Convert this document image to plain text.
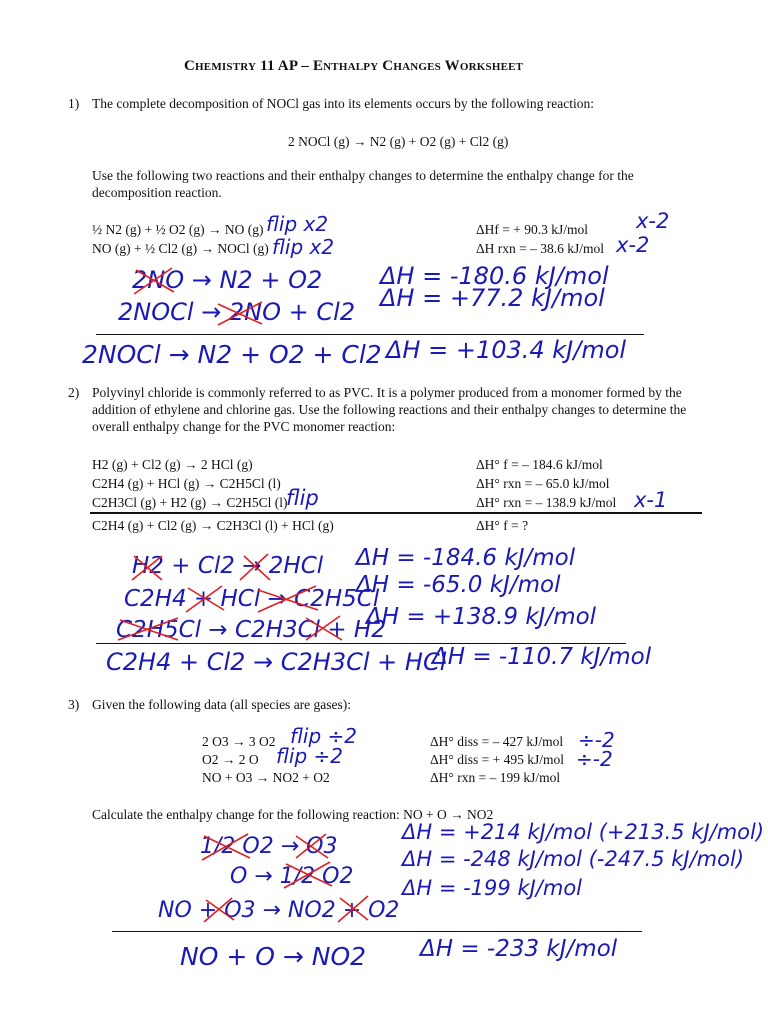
Chemistry 11 AP – Enthalpy Changes Worksheet
1) The complete decomposition of NOCl gas into its elements occurs by the following reaction:
2 NOCl (g) → N2 (g) + O2 (g) + Cl2 (g)
Use the following two reactions and their enthalpy changes to determine the enthalpy change for the decomposition reaction.
½ N2 (g) + ½ O2 (g) → NO (g)	ΔHf = + 90.3 kJ/mol
NO (g) + ½ Cl2 (g) → NOCl (g)	ΔH rxn = – 38.6 kJ/mol
flip x2
flip x2
x-2
x-2
2NO → N2 + O2 ΔH = -180.6 kJ/mol
2NOCl → 2NO + Cl2 ΔH = +77.2 kJ/mol
2NOCl → N2 + O2 + Cl2 ΔH = +103.4 kJ/mol
2) Polyvinyl chloride is commonly referred to as PVC. It is a polymer produced from a monomer formed by the addition of ethylene and chlorine gas. Use the following reactions and their enthalpy changes to determine the overall enthalpy change for the PVC monomer reaction:
H2 (g) + Cl2 (g) → 2 HCl (g)	ΔH° f = – 184.6 kJ/mol
C2H4 (g) + HCl (g) → C2H5Cl (l)	ΔH° rxn = – 65.0 kJ/mol
C2H3Cl (g) + H2 (g) → C2H5Cl (l)	ΔH° rxn = – 138.9 kJ/mol
flip	x-1
C2H4 (g) + Cl2 (g) → C2H3Cl (l) + HCl (g)	ΔH° f = ?
H2 + Cl2 → 2HCl ΔH = -184.6 kJ/mol
C2H4 + HCl → C2H5Cl
ΔH = -65.0 kJ/mol
C2H5Cl → C2H3Cl + H2
ΔH = +138.9 kJ/mol
C2H4 + Cl2 → C2H3Cl + HCl
ΔH = -110.7 kJ/mol
3) Given the following data (all species are gases):
2 O3 → 3 O2	ΔH° diss = – 427 kJ/mol
O2 → 2 O	ΔH° diss = + 495 kJ/mol
NO + O3 → NO2 + O2	ΔH° rxn = – 199 kJ/mol
flip ÷2
flip ÷2
÷-2
÷-2
Calculate the enthalpy change for the following reaction: NO + O → NO2
1/2 O2 → O3
ΔH = +214 kJ/mol (+213.5 kJ/mol)
O → 1/2 O2
ΔH = -248 kJ/mol (-247.5 kJ/mol)
NO + O3 → NO2 + O2
ΔH = -199 kJ/mol
NO + O → NO2 ΔH = -233 kJ/mol
